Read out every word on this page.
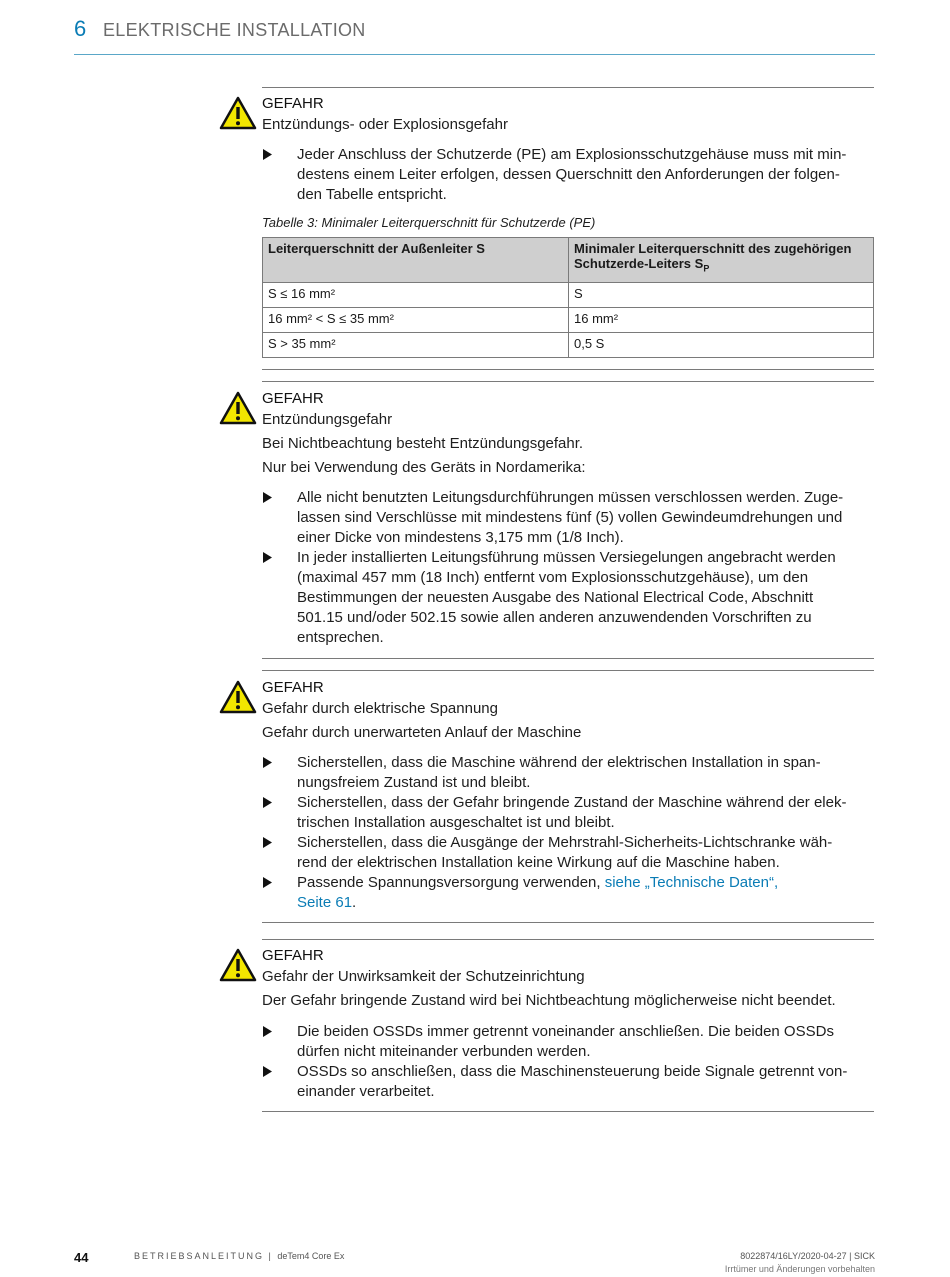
6 ELEKTRISCHE INSTALLATION
GEFAHR
Entzündungs- oder Explosionsgefahr
Jeder Anschluss der Schutzerde (PE) am Explosionsschutzgehäuse muss mit min-
destens einem Leiter erfolgen, dessen Querschnitt den Anforderungen der folgen-
den Tabelle entspricht.
Tabelle 3: Minimaler Leiterquerschnitt für Schutzerde (PE)
Leiterquerschnitt der Außenleiter S	Minimaler Leiterquerschnitt des zugehörigen
Schutzerde-Leiters $S_P$
S ≤ 16 mm²	S
16 mm² < S ≤ 35 mm²	16 mm²
S > 35 mm²	0,5 S
GEFAHR
Entzündungsgefahr
Bei Nichtbeachtung besteht Entzündungsgefahr.
Nur bei Verwendung des Geräts in Nordamerika:
Alle nicht benutzten Leitungsdurchführungen müssen verschlossen werden. Zuge-
lassen sind Verschlüsse mit mindestens fünf (5) vollen Gewindeumdrehungen und
einer Dicke von mindestens 3,175 mm (1/8 Inch).
In jeder installierten Leitungsführung müssen Versiegelungen angebracht werden
(maximal 457 mm (18 Inch) entfernt vom Explosionsschutzgehäuse), um den
Bestimmungen der neuesten Ausgabe des National Electrical Code, Abschnitt
501.15 und/oder 502.15 sowie allen anderen anzuwendenden Vorschriften zu
entsprechen.
GEFAHR
Gefahr durch elektrische Spannung
Gefahr durch unerwarteten Anlauf der Maschine
Sicherstellen, dass die Maschine während der elektrischen Installation in span-
nungsfreiem Zustand ist und bleibt.
Sicherstellen, dass der Gefahr bringende Zustand der Maschine während der elek-
trischen Installation ausgeschaltet ist und bleibt.
Sicherstellen, dass die Ausgänge der Mehrstrahl-Sicherheits-Lichtschranke wäh-
rend der elektrischen Installation keine Wirkung auf die Maschine haben.
Passende Spannungsversorgung verwenden, siehe „Technische Daten“,
Seite 61.
GEFAHR
Gefahr der Unwirksamkeit der Schutzeinrichtung
Der Gefahr bringende Zustand wird bei Nichtbeachtung möglicherweise nicht beendet.
Die beiden OSSDs immer getrennt voneinander anschließen. Die beiden OSSDs
dürfen nicht miteinander verbunden werden.
OSSDs so anschließen, dass die Maschinensteuerung beide Signale getrennt von-
einander verarbeitet.
44	BETRIEBSANLEITUNG | deTem4 Core Ex	8022874/16LY/2020-04-27 | SICK
Irrtümer und Änderungen vorbehalten
